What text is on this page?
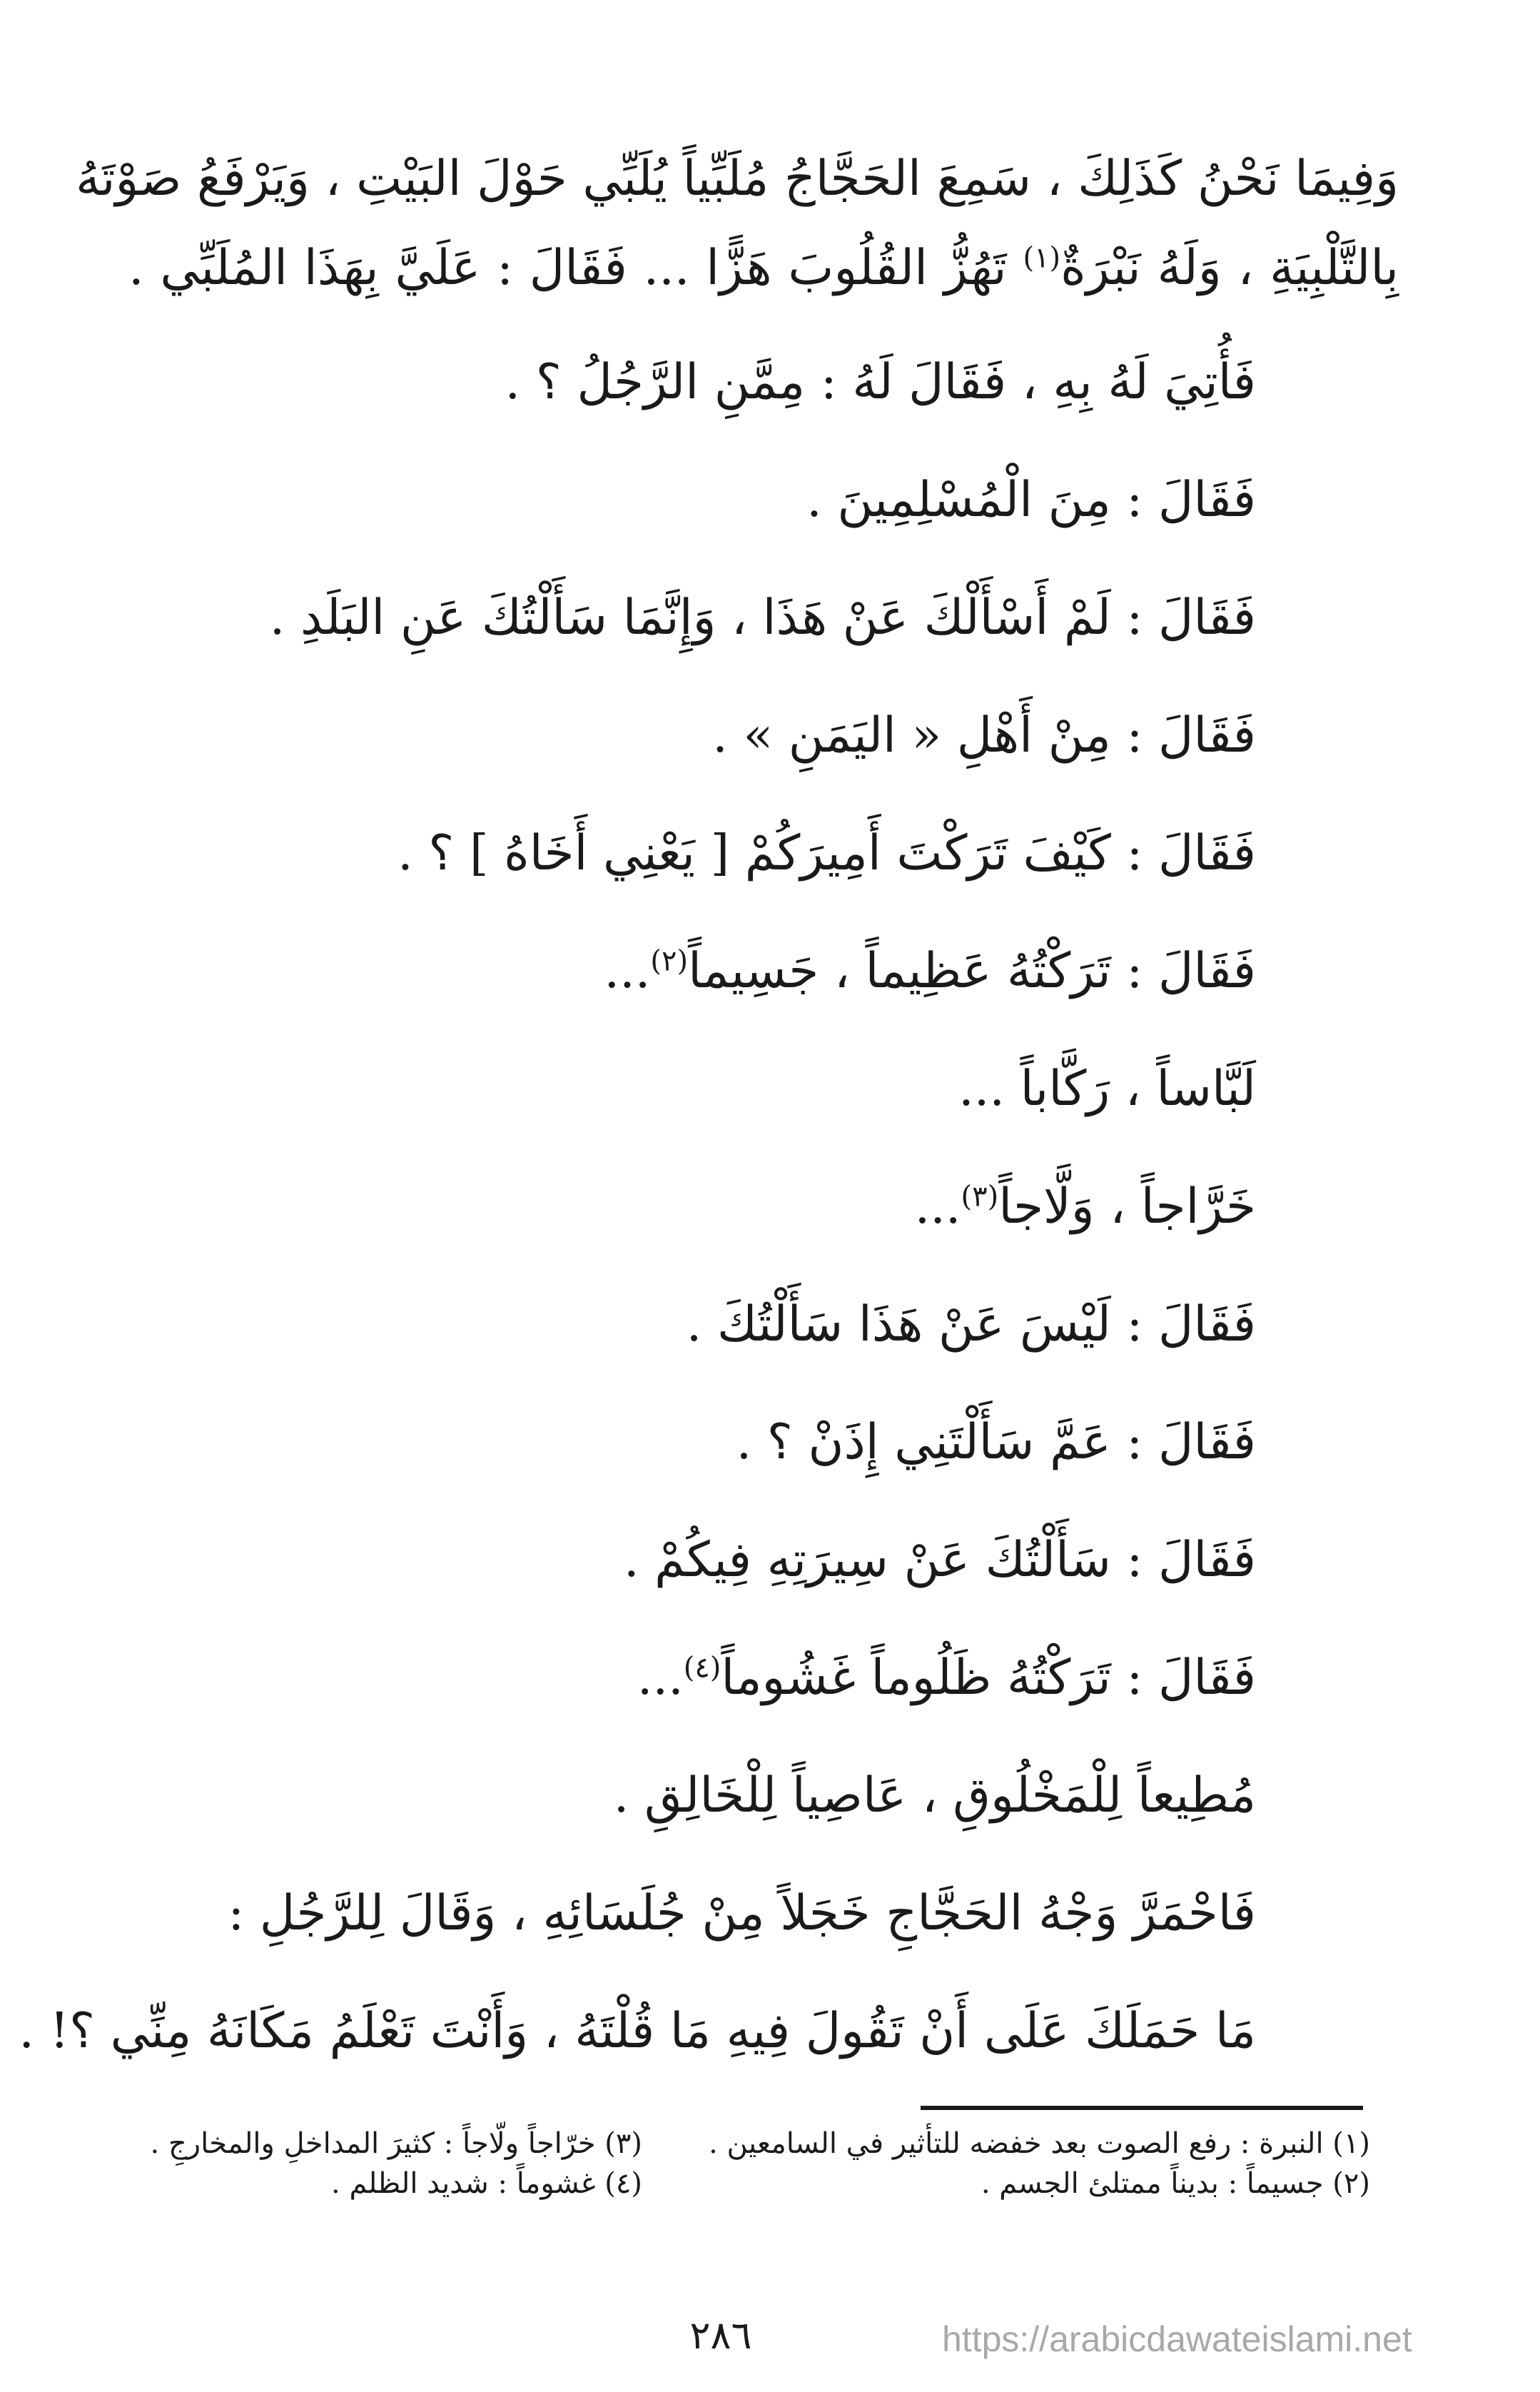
وَفِيمَا نَحْنُ كَذَلِكَ ، سَمِعَ الحَجَّاجُ مُلَبِّياً يُلَبِّي حَوْلَ البَيْتِ ، وَيَرْفَعُ صَوْتَهُ
بِالتَّلْبِيَةِ ، وَلَهُ نَبْرَةٌ$^{(١)}$ تَهُزُّ القُلُوبَ هَزًّا ... فَقَالَ : عَلَيَّ بِهَذَا المُلَبِّي .
فَأُتِيَ لَهُ بِهِ ، فَقَالَ لَهُ : مِمَّنِ الرَّجُلُ ؟ .
فَقَالَ : مِنَ الْمُسْلِمِينَ .
فَقَالَ : لَمْ أَسْأَلْكَ عَنْ هَذَا ، وَإِنَّمَا سَأَلْتُكَ عَنِ البَلَدِ .
فَقَالَ : مِنْ أَهْلِ « اليَمَنِ » .
فَقَالَ : كَيْفَ تَرَكْتَ أَمِيرَكُمْ [ يَعْنِي أَخَاهُ ] ؟ .
فَقَالَ : تَرَكْتُهُ عَظِيماً ، جَسِيماً$^{(٢)}$...
لَبَّاساً ، رَكَّاباً ...
خَرَّاجاً ، وَلَّاجاً$^{(٣)}$...
فَقَالَ : لَيْسَ عَنْ هَذَا سَأَلْتُكَ .
فَقَالَ : عَمَّ سَأَلْتَنِي إِذَنْ ؟ .
فَقَالَ : سَأَلْتُكَ عَنْ سِيرَتِهِ فِيكُمْ .
فَقَالَ : تَرَكْتُهُ ظَلُوماً غَشُوماً$^{(٤)}$...
مُطِيعاً لِلْمَخْلُوقِ ، عَاصِياً لِلْخَالِقِ .
فَاحْمَرَّ وَجْهُ الحَجَّاجِ خَجَلاً مِنْ جُلَسَائِهِ ، وَقَالَ لِلرَّجُلِ :
مَا حَمَلَكَ عَلَى أَنْ تَقُولَ فِيهِ مَا قُلْتَهُ ، وَأَنْتَ تَعْلَمُ مَكَانَهُ مِنِّي ؟! .
(١) النبرة : رفع الصوت بعد خفضه للتأثير في السامعين .
(٢) جسيماً : بديناً ممتلئ الجسم .
(٣) خرّاجاً ولّاجاً : كثيرَ المداخلِ والمخارجِ .
(٤) غشوماً : شديد الظلم .
٢٨٦	https://arabicdawateislami.net
